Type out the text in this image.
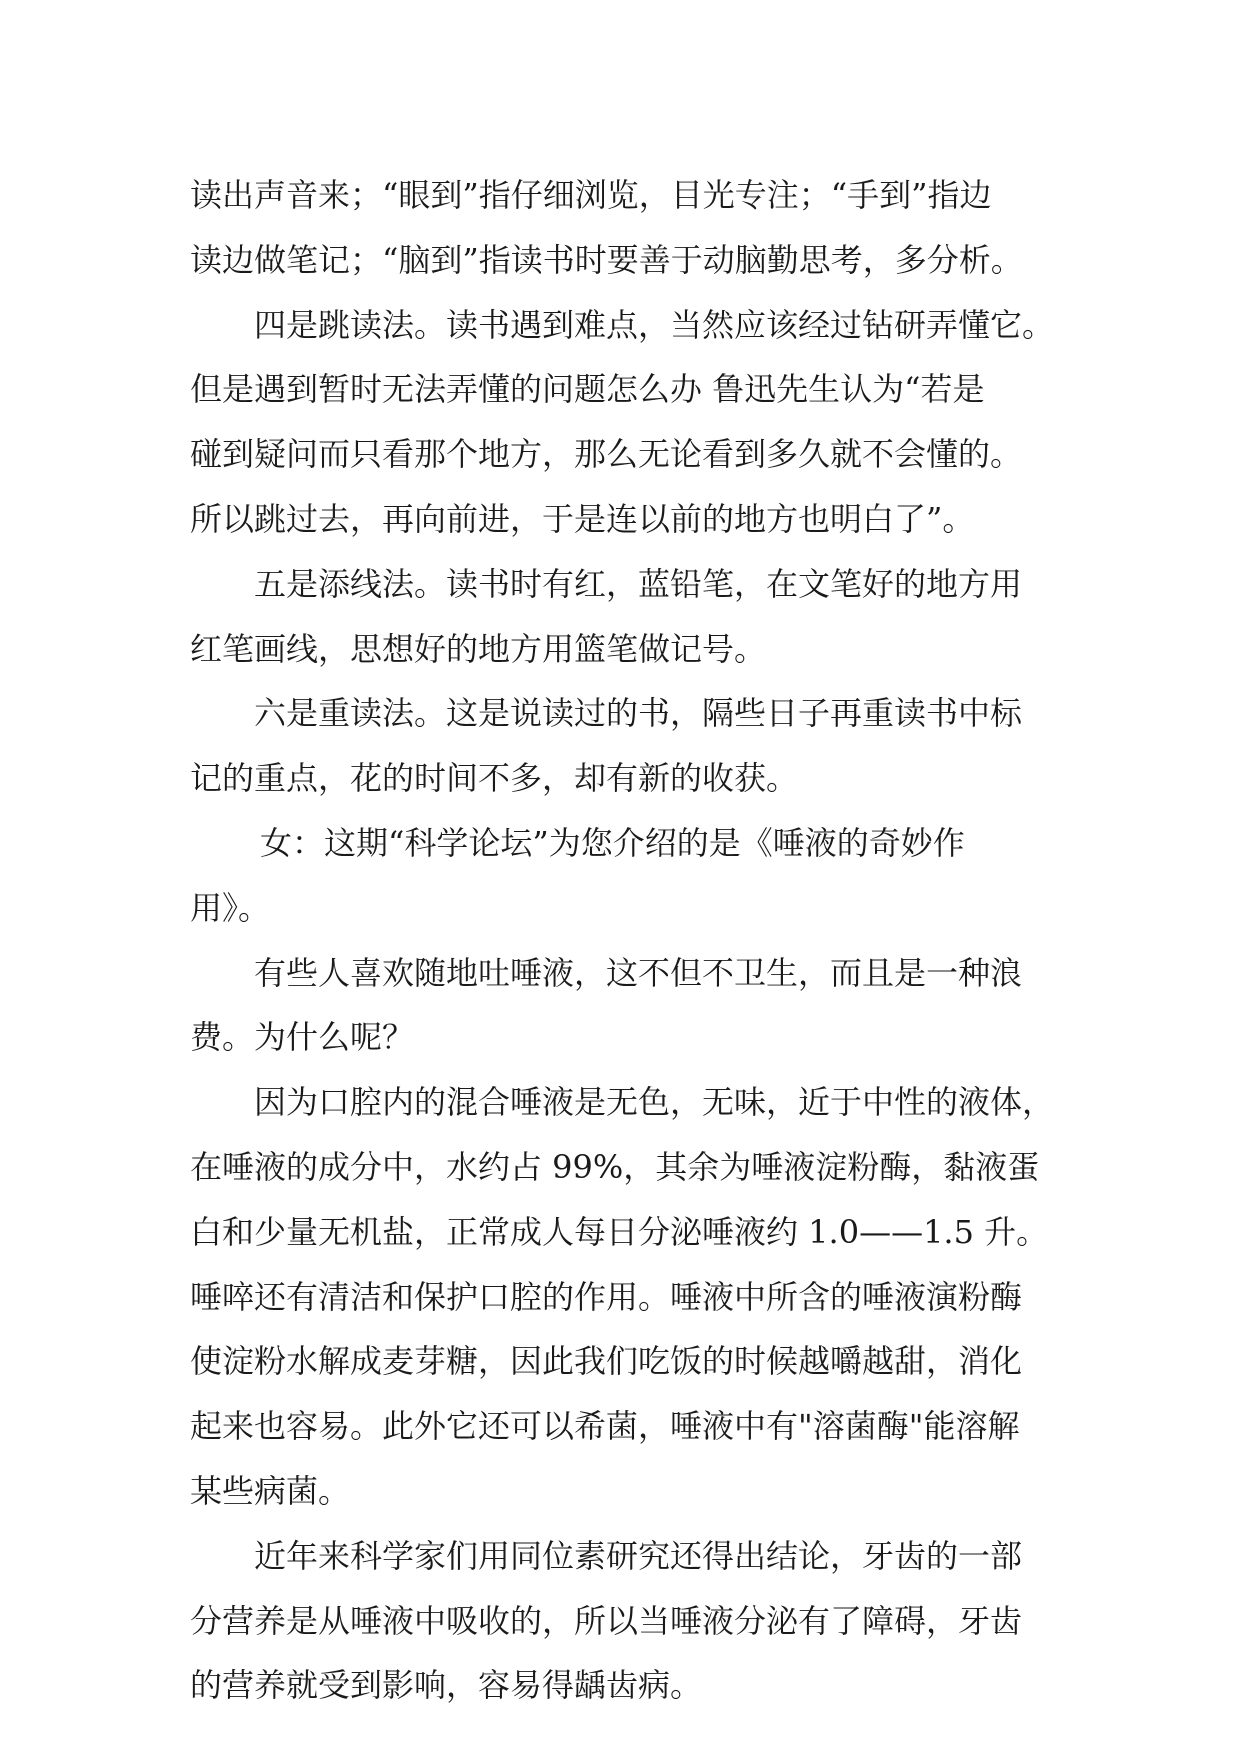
读出声音来；“眼到”指仔细浏览，目光专注；“手到”指边
读边做笔记；“脑到”指读书时要善于动脑勤思考，多分析。
四是跳读法。读书遇到难点，当然应该经过钻研弄懂它。
但是遇到暂时无法弄懂的问题怎么办 鲁迅先生认为“若是
碰到疑问而只看那个地方，那么无论看到多久就不会懂的。
所以跳过去，再向前进，于是连以前的地方也明白了”。
五是添线法。读书时有红，蓝铅笔，在文笔好的地方用
红笔画线，思想好的地方用篮笔做记号。
六是重读法。这是说读过的书，隔些日子再重读书中标
记的重点，花的时间不多，却有新的收获。
女：这期“科学论坛”为您介绍的是《唾液的奇妙作
用》。
有些人喜欢随地吐唾液，这不但不卫生，而且是一种浪
费。为什么呢？
因为口腔内的混合唾液是无色，无味，近于中性的液体，
在唾液的成分中，水约占 99%，其余为唾液淀粉酶，黏液蛋
白和少量无机盐，正常成人每日分泌唾液约 1.0——1.5 升。
唾啐还有清洁和保护口腔的作用。唾液中所含的唾液演粉酶
使淀粉水解成麦芽糖，因此我们吃饭的时候越嚼越甜，消化
起来也容易。此外它还可以希菌，唾液中有"溶菌酶"能溶解
某些病菌。
近年来科学家们用同位素研究还得出结论，牙齿的一部
分营养是从唾液中吸收的，所以当唾液分泌有了障碍，牙齿
的营养就受到影响，容易得龋齿病。
